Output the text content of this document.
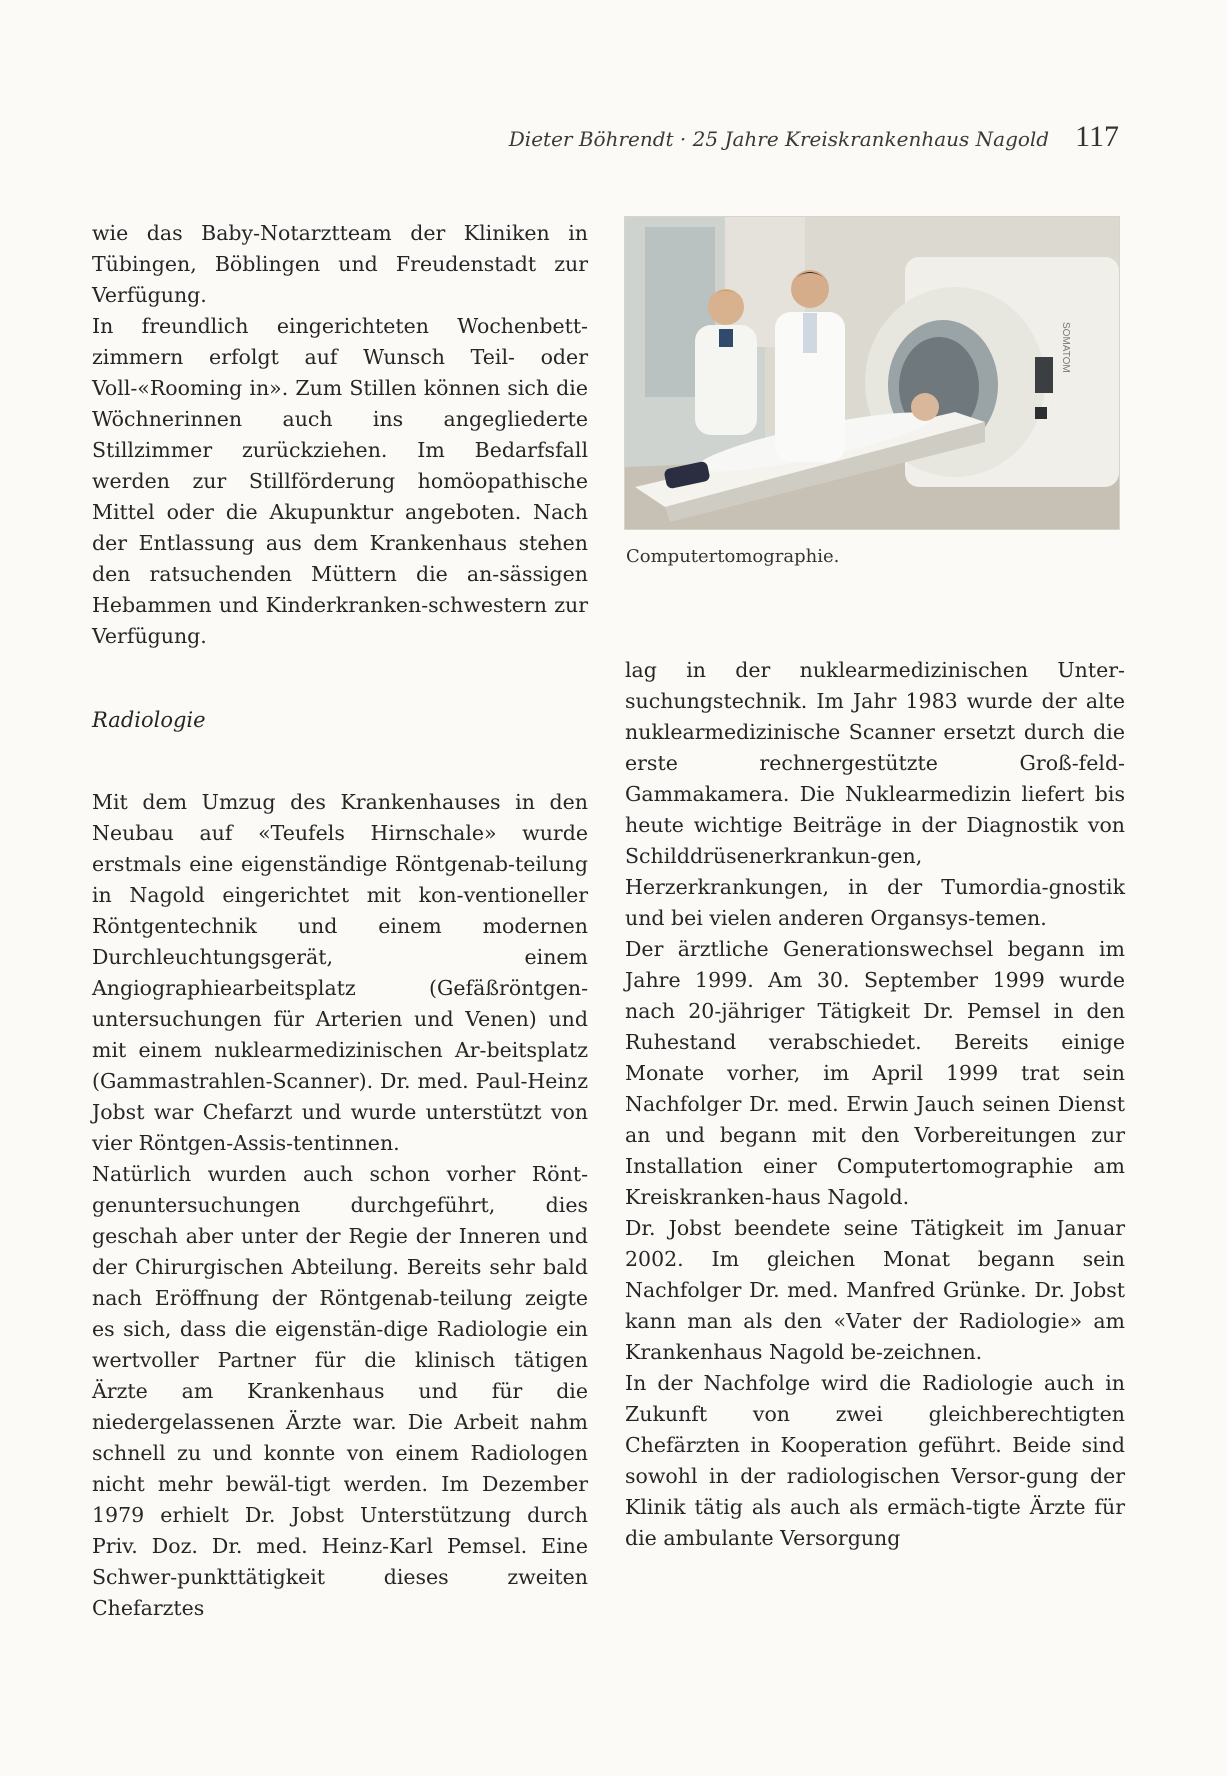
Dieter Böhrendt · 25 Jahre Kreiskrankenhaus Nagold 117

wie das Baby-Notarztteam der Kliniken in Tübingen, Böblingen und Freudenstadt zur Verfügung.

In freundlich eingerichteten Wochenbett-zimmern erfolgt auf Wunsch Teil- oder Voll-«Rooming in». Zum Stillen können sich die Wöchnerinnen auch ins angegliederte Stillzimmer zurückziehen. Im Bedarfsfall werden zur Stillförderung homöopathische Mittel oder die Akupunktur angeboten. Nach der Entlassung aus dem Krankenhaus stehen den ratsuchenden Müttern die an-sässigen Hebammen und Kinderkranken-schwestern zur Verfügung.

Radiologie

Mit dem Umzug des Krankenhauses in den Neubau auf «Teufels Hirnschale» wurde erstmals eine eigenständige Röntgenab-teilung in Nagold eingerichtet mit kon-ventioneller Röntgentechnik und einem modernen Durchleuchtungsgerät, einem Angiographiearbeitsplatz (Gefäßröntgen-untersuchungen für Arterien und Venen) und mit einem nuklearmedizinischen Ar-beitsplatz (Gammastrahlen-Scanner). Dr. med. Paul-Heinz Jobst war Chefarzt und wurde unterstützt von vier Röntgen-Assis-tentinnen.

Natürlich wurden auch schon vorher Rönt-genuntersuchungen durchgeführt, dies geschah aber unter der Regie der Inneren und der Chirurgischen Abteilung. Bereits sehr bald nach Eröffnung der Röntgenab-teilung zeigte es sich, dass die eigenstän-dige Radiologie ein wertvoller Partner für die klinisch tätigen Ärzte am Krankenhaus und für die niedergelassenen Ärzte war. Die Arbeit nahm schnell zu und konnte von einem Radiologen nicht mehr bewäl-tigt werden. Im Dezember 1979 erhielt Dr. Jobst Unterstützung durch Priv. Doz. Dr. med. Heinz-Karl Pemsel. Eine Schwer-punkttätigkeit dieses zweiten Chefarztes

SOMATOM
Computertomographie.

lag in der nuklearmedizinischen Unter-suchungstechnik. Im Jahr 1983 wurde der alte nuklearmedizinische Scanner ersetzt durch die erste rechnergestützte Groß-feld-Gammakamera. Die Nuklearmedizin liefert bis heute wichtige Beiträge in der Diagnostik von Schilddrüsenerkrankun-gen, Herzerkrankungen, in der Tumordia-gnostik und bei vielen anderen Organsys-temen.

Der ärztliche Generationswechsel begann im Jahre 1999. Am 30. September 1999 wurde nach 20-jähriger Tätigkeit Dr. Pemsel in den Ruhestand verabschiedet. Bereits einige Monate vorher, im April 1999 trat sein Nachfolger Dr. med. Erwin Jauch seinen Dienst an und begann mit den Vorbereitungen zur Installation einer Computertomographie am Kreiskranken-haus Nagold.

Dr. Jobst beendete seine Tätigkeit im Januar 2002. Im gleichen Monat begann sein Nachfolger Dr. med. Manfred Grünke. Dr. Jobst kann man als den «Vater der Radiologie» am Krankenhaus Nagold be-zeichnen.

In der Nachfolge wird die Radiologie auch in Zukunft von zwei gleichberechtigten Chefärzten in Kooperation geführt. Beide sind sowohl in der radiologischen Versor-gung der Klinik tätig als auch als ermäch-tigte Ärzte für die ambulante Versorgung
